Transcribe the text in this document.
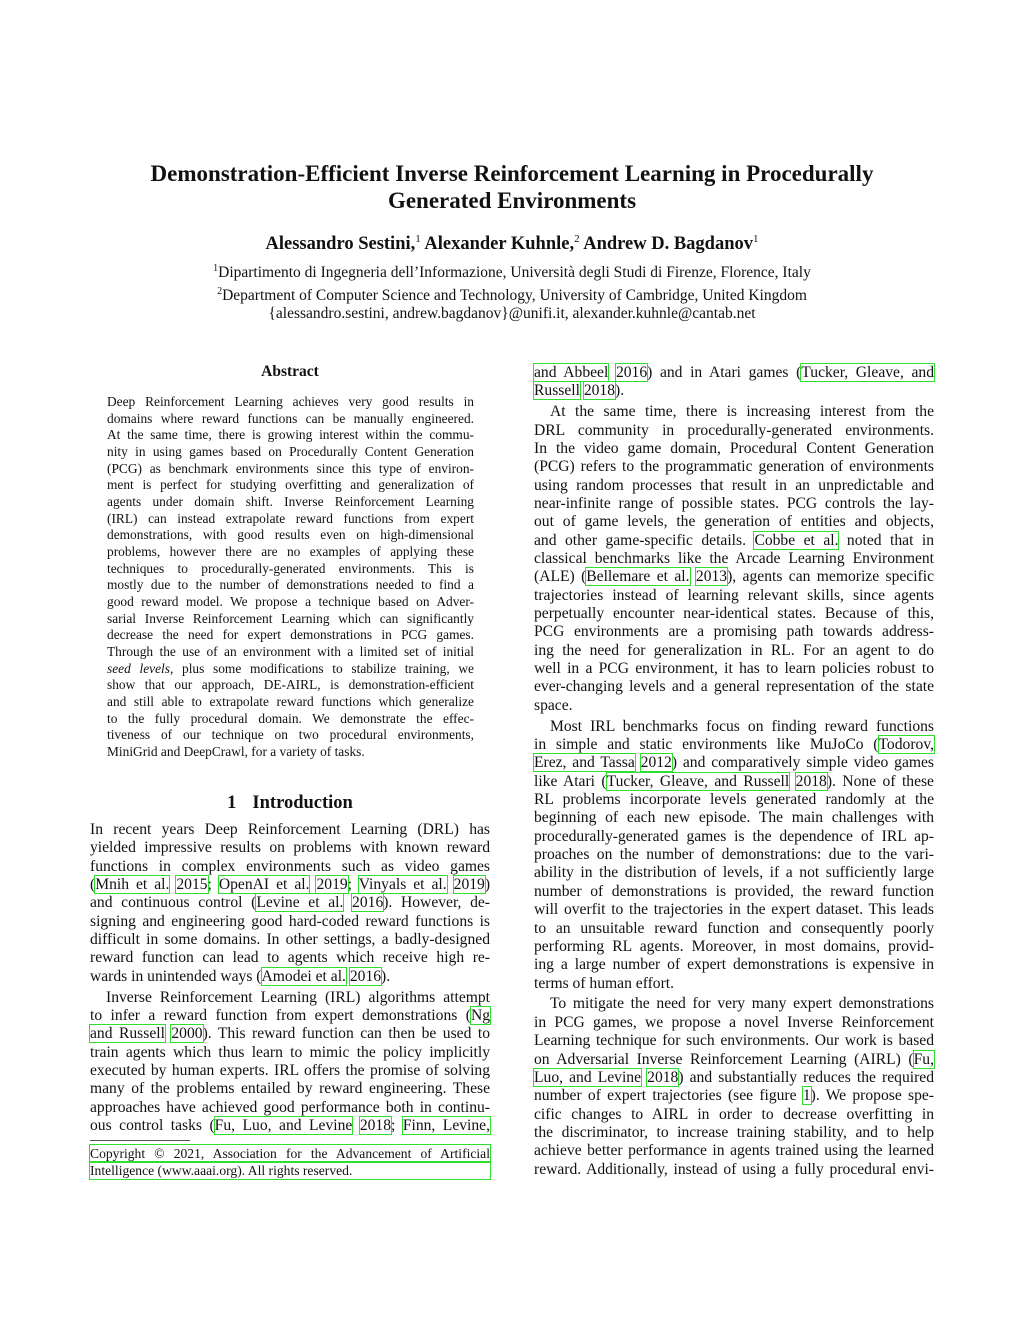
Demonstration-Efficient Inverse Reinforcement Learning in Procedurally
Generated Environments
Alessandro Sestini,$^1$ Alexander Kuhnle,$^2$ Andrew D. Bagdanov$^1$
$^1$Dipartimento di Ingegneria dell’Informazione, Università degli Studi di Firenze, Florence, Italy
$^2$Department of Computer Science and Technology, University of Cambridge, United Kingdom
{alessandro.sestini, andrew.bagdanov}@unifi.it, alexander.kuhnle@cantab.net
Abstract
Deep Reinforcement Learning achieves very good results in
domains where reward functions can be manually engineered.
At the same time, there is growing interest within the commu-
nity in using games based on Procedurally Content Generation
(PCG) as benchmark environments since this type of environ-
ment is perfect for studying overfitting and generalization of
agents under domain shift. Inverse Reinforcement Learning
(IRL) can instead extrapolate reward functions from expert
demonstrations, with good results even on high-dimensional
problems, however there are no examples of applying these
techniques to procedurally-generated environments. This is
mostly due to the number of demonstrations needed to find a
good reward model. We propose a technique based on Adver-
sarial Inverse Reinforcement Learning which can significantly
decrease the need for expert demonstrations in PCG games.
Through the use of an environment with a limited set of initial
seed levels, plus some modifications to stabilize training, we
show that our approach, DE-AIRL, is demonstration-efficient
and still able to extrapolate reward functions which generalize
to the fully procedural domain. We demonstrate the effec-
tiveness of our technique on two procedural environments,
MiniGrid and DeepCrawl, for a variety of tasks.
1 Introduction
In recent years Deep Reinforcement Learning (DRL) has
yielded impressive results on problems with known reward
functions in complex environments such as video games
(Mnih et al. 2015; OpenAI et al. 2019; Vinyals et al. 2019)
and continuous control (Levine et al. 2016). However, de-
signing and engineering good hard-coded reward functions is
difficult in some domains. In other settings, a badly-designed
reward function can lead to agents which receive high re-
wards in unintended ways (Amodei et al. 2016).
Inverse Reinforcement Learning (IRL) algorithms attempt
to infer a reward function from expert demonstrations (Ng
and Russell 2000). This reward function can then be used to
train agents which thus learn to mimic the policy implicitly
executed by human experts. IRL offers the promise of solving
many of the problems entailed by reward engineering. These
approaches have achieved good performance both in continu-
ous control tasks (Fu, Luo, and Levine 2018; Finn, Levine,
Copyright © 2021, Association for the Advancement of Artificial
Intelligence (www.aaai.org). All rights reserved.
and Abbeel 2016) and in Atari games (Tucker, Gleave, and
Russell 2018).
At the same time, there is increasing interest from the
DRL community in procedurally-generated environments.
In the video game domain, Procedural Content Generation
(PCG) refers to the programmatic generation of environments
using random processes that result in an unpredictable and
near-infinite range of possible states. PCG controls the lay-
out of game levels, the generation of entities and objects,
and other game-specific details. Cobbe et al. noted that in
classical benchmarks like the Arcade Learning Environment
(ALE) (Bellemare et al. 2013), agents can memorize specific
trajectories instead of learning relevant skills, since agents
perpetually encounter near-identical states. Because of this,
PCG environments are a promising path towards address-
ing the need for generalization in RL. For an agent to do
well in a PCG environment, it has to learn policies robust to
ever-changing levels and a general representation of the state
space.
Most IRL benchmarks focus on finding reward functions
in simple and static environments like MuJoCo (Todorov,
Erez, and Tassa 2012) and comparatively simple video games
like Atari (Tucker, Gleave, and Russell 2018). None of these
RL problems incorporate levels generated randomly at the
beginning of each new episode. The main challenges with
procedurally-generated games is the dependence of IRL ap-
proaches on the number of demonstrations: due to the vari-
ability in the distribution of levels, if a not sufficiently large
number of demonstrations is provided, the reward function
will overfit to the trajectories in the expert dataset. This leads
to an unsuitable reward function and consequently poorly
performing RL agents. Moreover, in most domains, provid-
ing a large number of expert demonstrations is expensive in
terms of human effort.
To mitigate the need for very many expert demonstrations
in PCG games, we propose a novel Inverse Reinforcement
Learning technique for such environments. Our work is based
on Adversarial Inverse Reinforcement Learning (AIRL) (Fu,
Luo, and Levine 2018) and substantially reduces the required
number of expert trajectories (see figure 1). We propose spe-
cific changes to AIRL in order to decrease overfitting in
the discriminator, to increase training stability, and to help
achieve better performance in agents trained using the learned
reward. Additionally, instead of using a fully procedural envi-
